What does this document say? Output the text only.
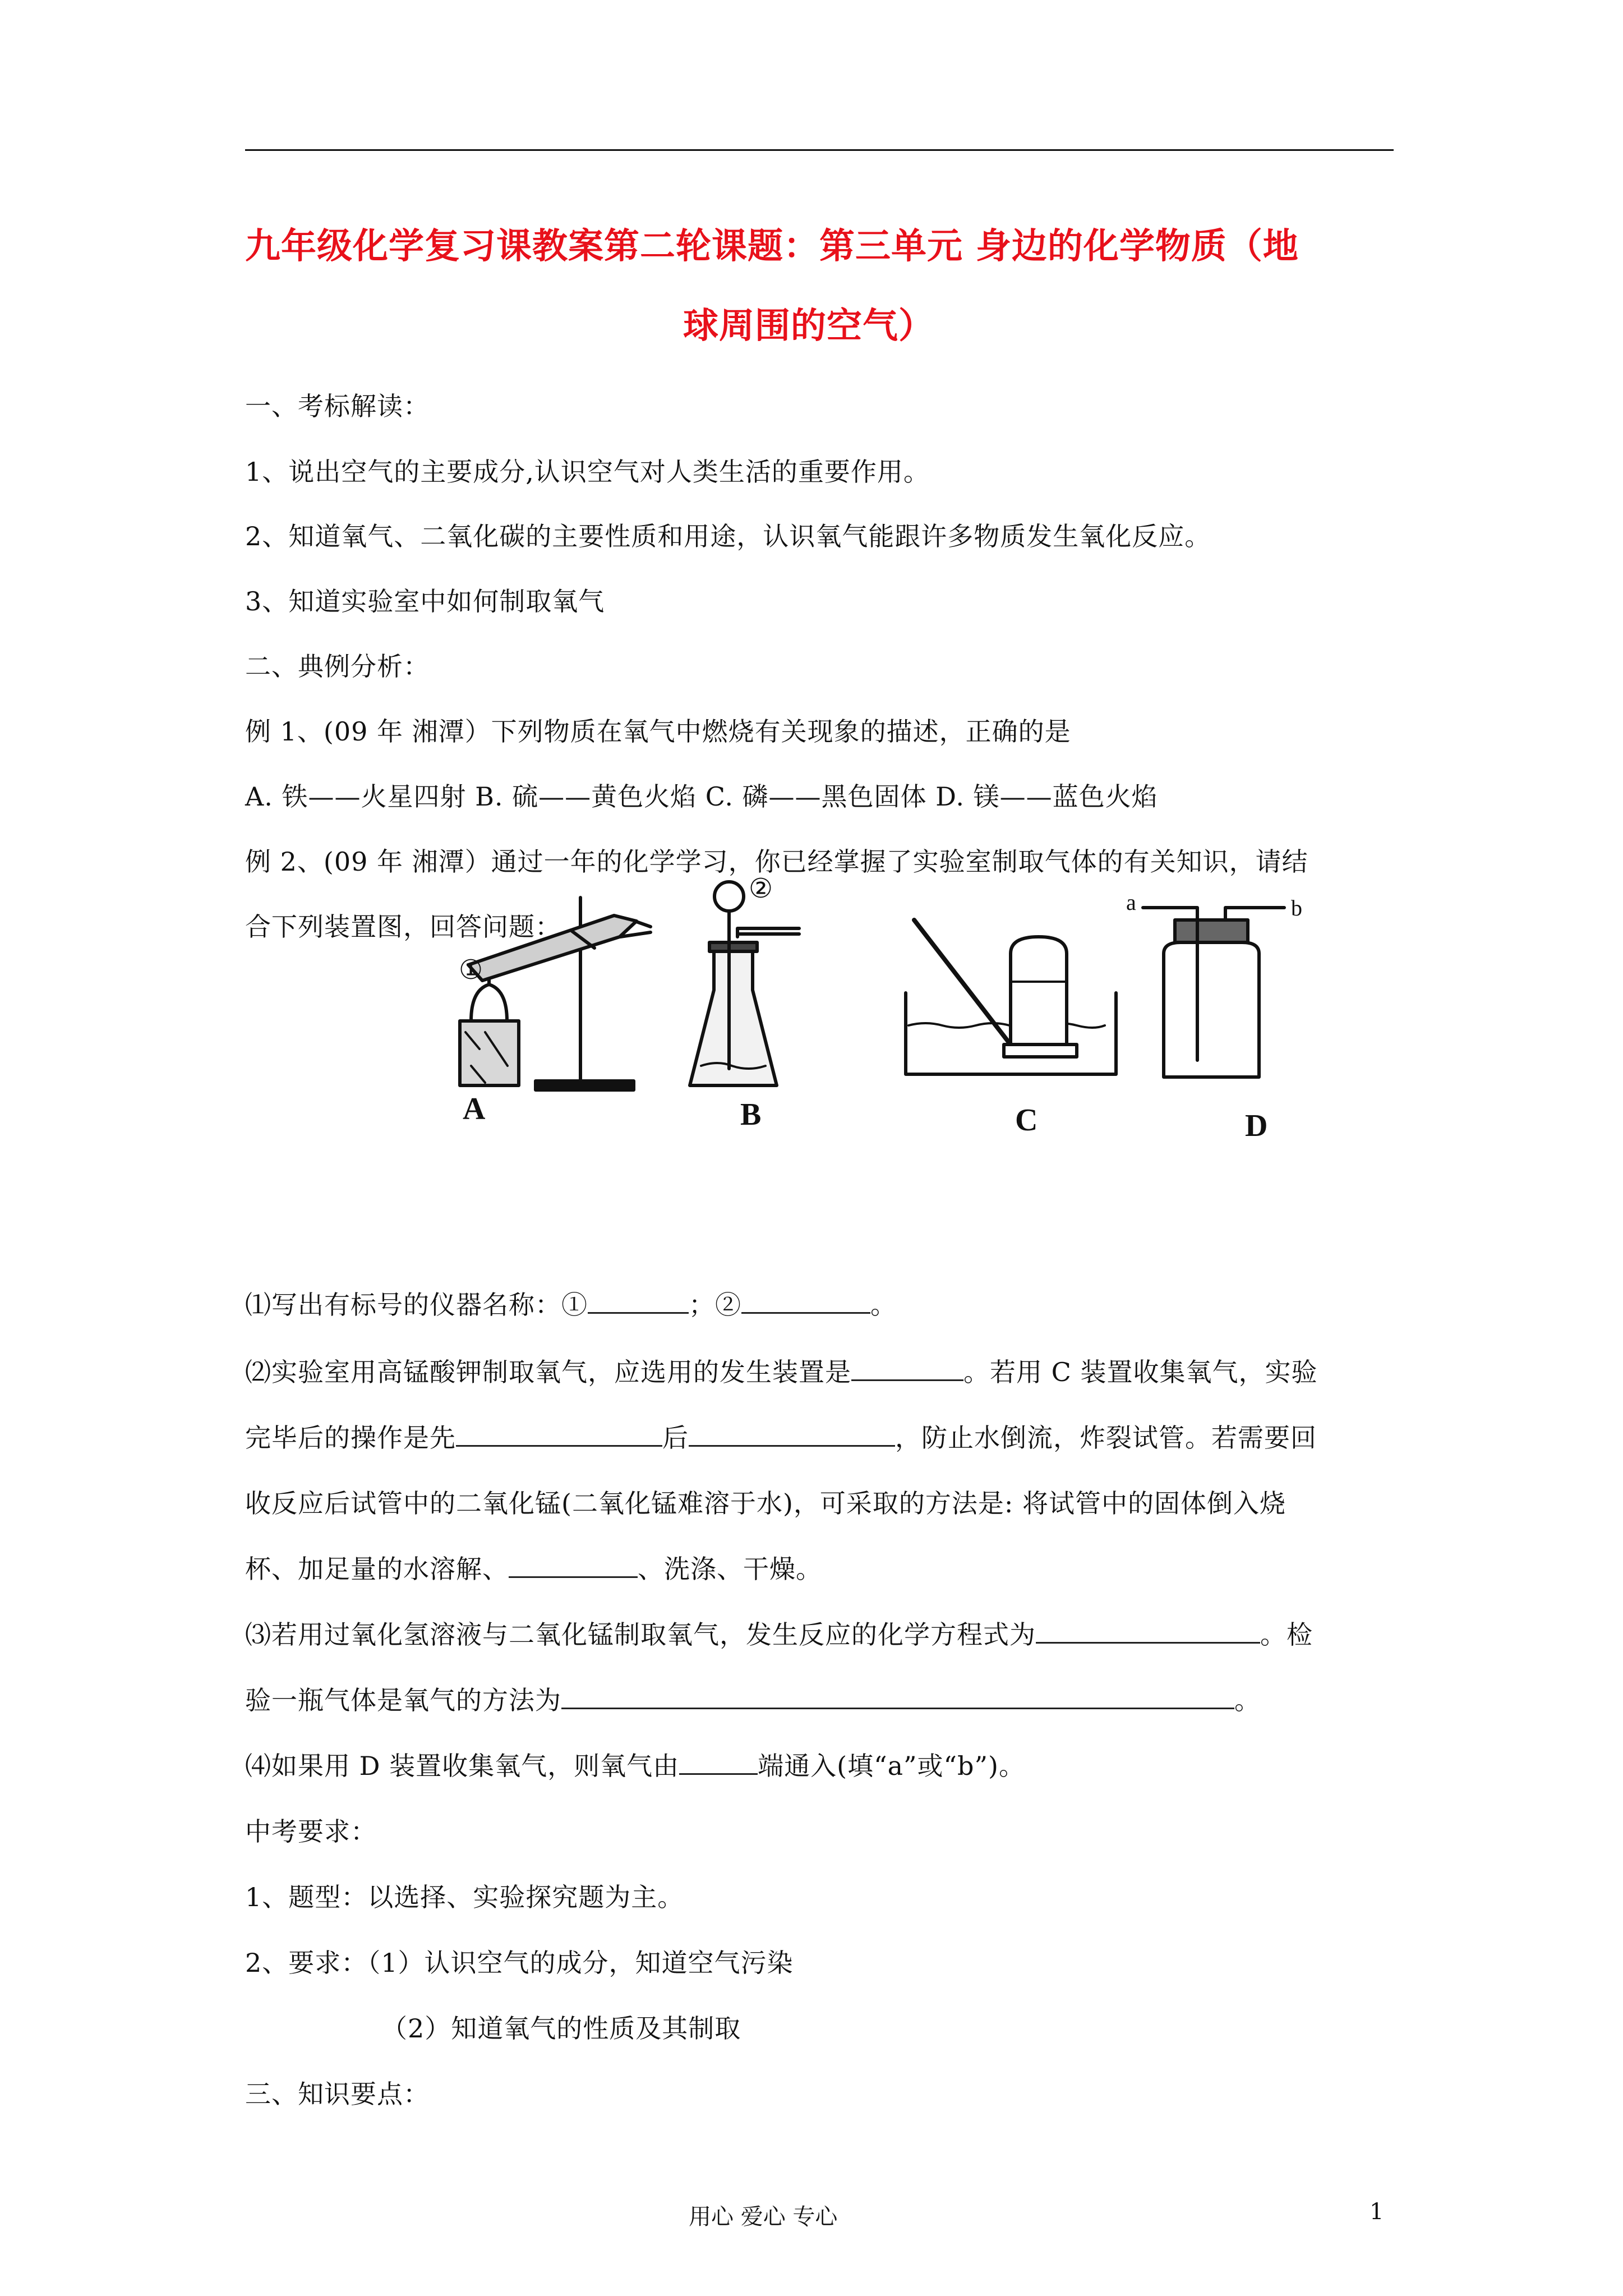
九年级化学复习课教案第二轮课题：第三单元 身边的化学物质（地
球周围的空气）
一、考标解读：
1、说出空气的主要成分,认识空气对人类生活的重要作用。
2、知道氧气、二氧化碳的主要性质和用途，认识氧气能跟许多物质发生氧化反应。
3、知道实验室中如何制取氧气
二、典例分析：
例 1、(09 年 湘潭）下列物质在氧气中燃烧有关现象的描述，正确的是
A. 铁——火星四射 B. 硫——黄色火焰 C. 磷——黑色固体 D. 镁——蓝色火焰
例 2、(09 年 湘潭）通过一年的化学学习，你已经掌握了实验室制取气体的有关知识，请结
合下列装置图，回答问题：
①
②
A	B	C	D
a	b
⑴写出有标号的仪器名称：①	；②	。
⑵实验室用高锰酸钾制取氧气，应选用的发生装置是	。若用 C 装置收集氧气，实验
完毕后的操作是先	后	，防止水倒流，炸裂试管。若需要回
收反应后试管中的二氧化锰(二氧化锰难溶于水)，可采取的方法是: 将试管中的固体倒入烧
杯、加足量的水溶解、	、洗涤、干燥。
⑶若用过氧化氢溶液与二氧化锰制取氧气，发生反应的化学方程式为	。检
验一瓶气体是氧气的方法为	。
⑷如果用 D 装置收集氧气，则氧气由	端通入(填“a”或“b”)。
中考要求：
1、题型：以选择、实验探究题为主。
2、要求：（1）认识空气的成分，知道空气污染
（2）知道氧气的性质及其制取
三、知识要点：
用心 爱心 专心	1
